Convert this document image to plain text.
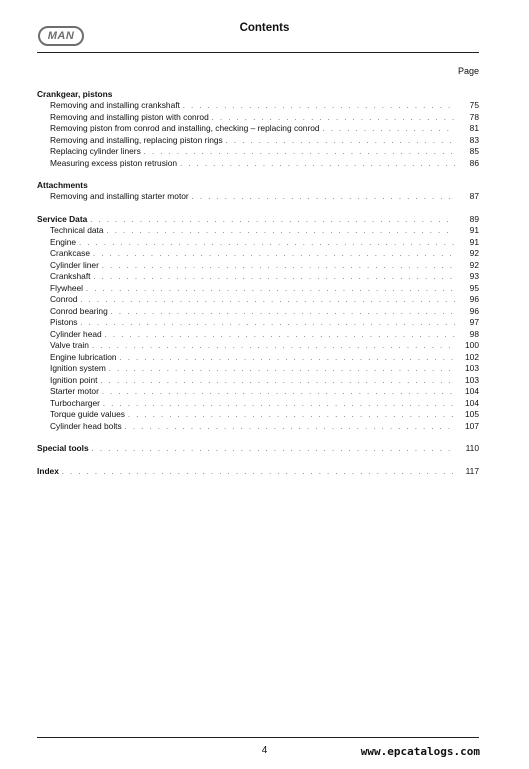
MAN
Contents
Page
Crankgear, pistons
Removing and installing crankshaft . . .	75
Removing and installing piston with conrod . . .	78
Removing piston from conrod and installing, checking – replacing conrod . . .	81
Removing and installing, replacing piston rings . . .	83
Replacing cylinder liners . . .	85
Measuring excess piston retrusion . . .	86
Attachments
Removing and installing starter motor . . .	87
Service Data . . .	89
Technical data . . .	91
Engine . . .	91
Crankcase . . .	92
Cylinder liner . . .	92
Crankshaft . . .	93
Flywheel . . .	95
Conrod . . .	96
Conrod bearing . . .	96
Pistons . . .	97
Cylinder head . . .	98
Valve train . . .	100
Engine lubrication . . .	102
Ignition system . . .	103
Ignition point . . .	103
Starter motor . . .	104
Turbocharger . . .	104
Torque guide values . . .	105
Cylinder head bolts . . .	107
Special tools . . .	110
Index . . .	117
4	www.epcatalogs.com
